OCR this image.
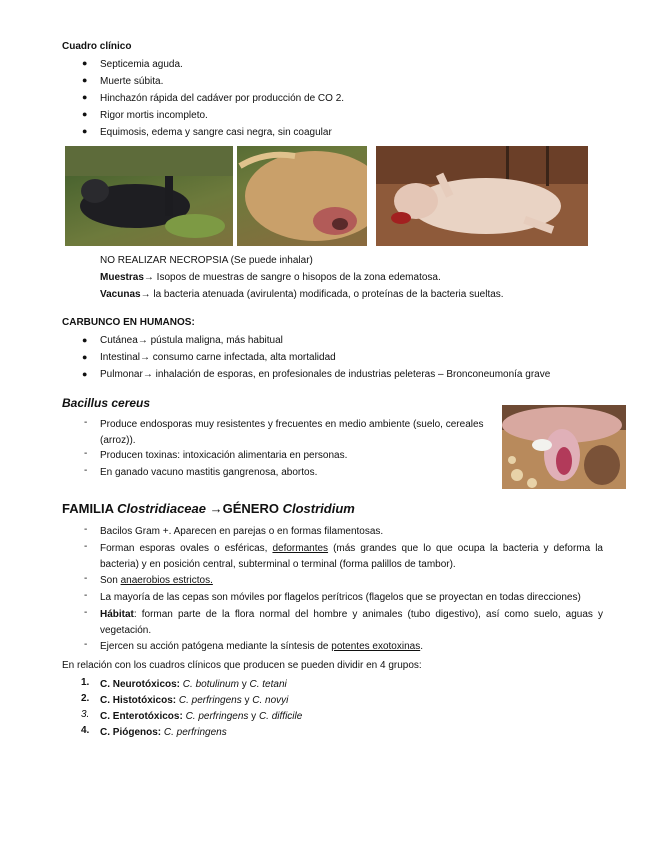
Cuadro clínico
● Septicemia aguda.
● Muerte súbita.
● Hinchazón rápida del cadáver por producción de CO 2.
● Rigor mortis incompleto.
● Equimosis, edema y sangre casi negra, sin coagular
NO REALIZAR NECROPSIA (Se puede inhalar)
Muestras→ Isopos de muestras de sangre o hisopos de la zona edematosa.
Vacunas→ la bacteria atenuada (avirulenta) modificada, o proteínas de la bacteria sueltas.
CARBUNCO EN HUMANOS:
● Cutánea→ pústula maligna, más habitual
● Intestinal→ consumo carne infectada, alta mortalidad
● Pulmonar→ inhalación de esporas, en profesionales de industrias peleteras – Bronconeumonía grave
Bacillus cereus
- Produce endosporas muy resistentes y frecuentes en medio ambiente (suelo, cereales (arroz)).
- Producen toxinas: intoxicación alimentaria en personas.
- En ganado vacuno mastitis gangrenosa, abortos.
FAMILIA Clostridiaceae →GÉNERO Clostridium
- Bacilos Gram +. Aparecen en parejas o en formas filamentosas.
- Forman esporas ovales o esféricas, deformantes (más grandes que lo que ocupa la bacteria y deforma la bacteria) y en posición central, subterminal o terminal (forma palillos de tambor).
- Son anaerobios estrictos.
- La mayoría de las cepas son móviles por flagelos perítricos (flagelos que se proyectan en todas direcciones)
- Hábitat: forman parte de la flora normal del hombre y animales (tubo digestivo), así como suelo, aguas y vegetación.
- Ejercen su acción patógena mediante la síntesis de potentes exotoxinas.
En relación con los cuadros clínicos que producen se pueden dividir en 4 grupos:
1. C. Neurotóxicos: C. botulinum y C. tetani
2. C. Histotóxicos: C. perfringens y C. novyi
3. C. Enterotóxicos: C. perfringens y C. difficile
4. C. Piógenos: C. perfringens
